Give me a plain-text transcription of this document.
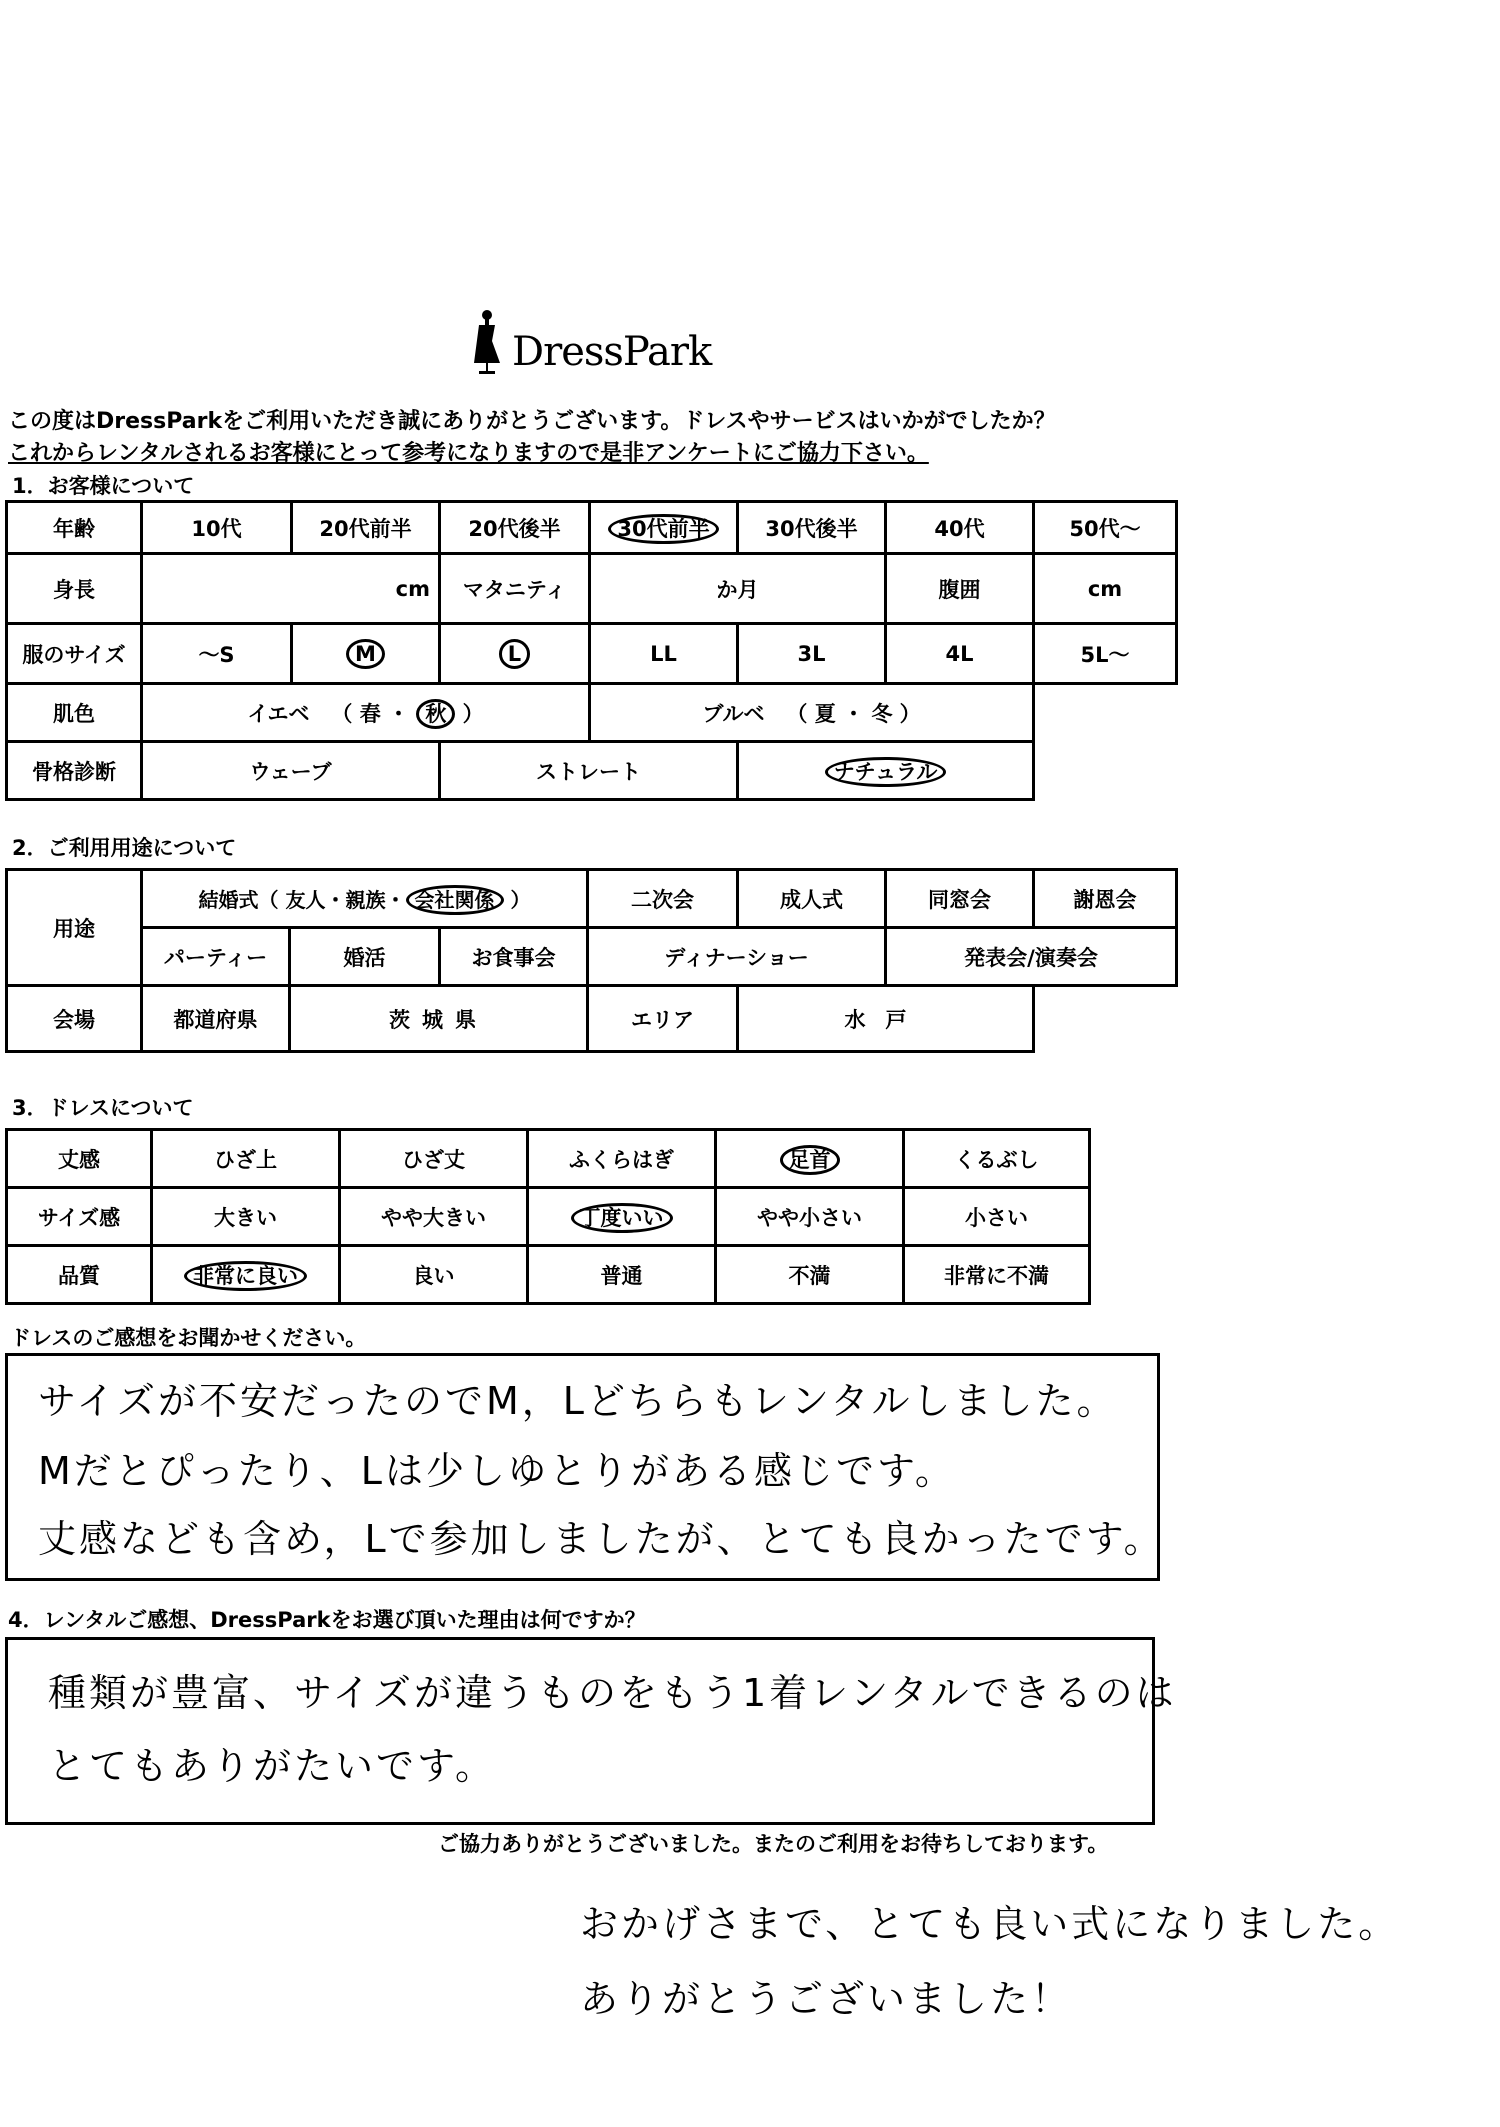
DressPark
この度はDressParkをご利用いただき誠にありがとうございます。ドレスやサービスはいかがでしたか？
これからレンタルされるお客様にとって参考になりますので是非アンケートにご協力下さい。
1．お客様について
年齢	10代	20代前半	20代後半	30代前半	30代後半	40代	50代～
身長	cm		マタニティ	か月		腹囲	cm
服のサイズ	～S	M	L	LL	3L	4L	5L～
肌色	イエベ （ 春 ・ 秋 ）			ブルベ （ 夏 ・ 冬 ）			
骨格診断	ウェーブ		ストレート		ナチュラル		
2．ご利用用途について
用途	結婚式（ 友人・親族・ 会社関係 ）			二次会	成人式	同窓会	謝恩会
	パーティー	婚活	お食事会	ディナーショー		発表会/演奏会	
会場	都道府県	茨城県		エリア	水戸		
3．ドレスについて
丈感	ひざ上	ひざ丈	ふくらはぎ	足首	くるぶし
サイズ感	大きい	やや大きい	丁度いい	やや小さい	小さい
品質	非常に良い	良い	普通	不満	非常に不満
ドレスのご感想をお聞かせください。
サイズが不安だったのでM，Lどちらもレンタルしました。
Mだとぴったり、Lは少しゆとりがある感じです。
丈感なども含め，Lで参加しましたが、とても良かったです。
4．レンタルご感想、DressParkをお選び頂いた理由は何ですか？
種類が豊富、サイズが違うものをもう1着レンタルできるのは
とてもありがたいです。
ご協力ありがとうございました。またのご利用をお待ちしております。
おかげさまで、とても良い式になりました。
ありがとうございました！
